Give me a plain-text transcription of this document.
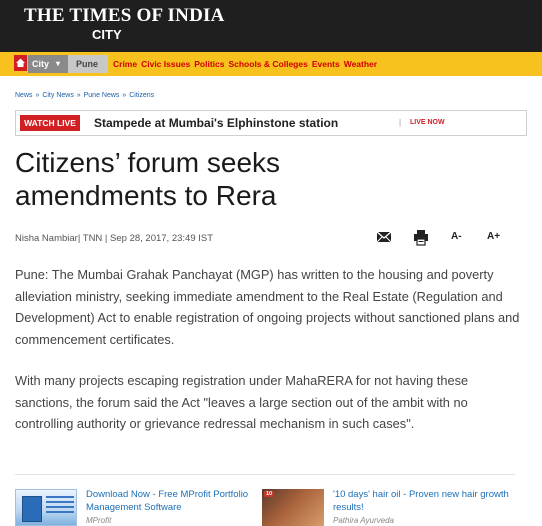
THE TIMES OF INDIA
CITY
City ▾	Pune	Crime Civic Issues Politics Schools & Colleges Events Weather
News » City News » Pune News » Citizens
WATCH LIVE	Stampede at Mumbai's Elphinstone station	| LIVE NOW
Citizens’ forum seeks amendments to Rera
Nisha Nambiar| TNN | Sep 28, 2017, 23:49 IST	A-	A+

Pune: The Mumbai Grahak Panchayat (MGP) has written to the housing and poverty alleviation ministry, seeking immediate amendment to the Real Estate (Regulation and Development) Act to enable registration of ongoing projects without sanctioned plans and commencement certificates.

With many projects escaping registration under MahaRERA for not having these sanctions, the forum said the Act "leaves a large section out of the ambit with no controlling authority or grievance redressal mechanism in such cases".

Download Now - Free MProfit Portfolio Management Software
MProfit
10	'10 days' hair oil - Proven new hair growth results!
Pathira Ayurveda
